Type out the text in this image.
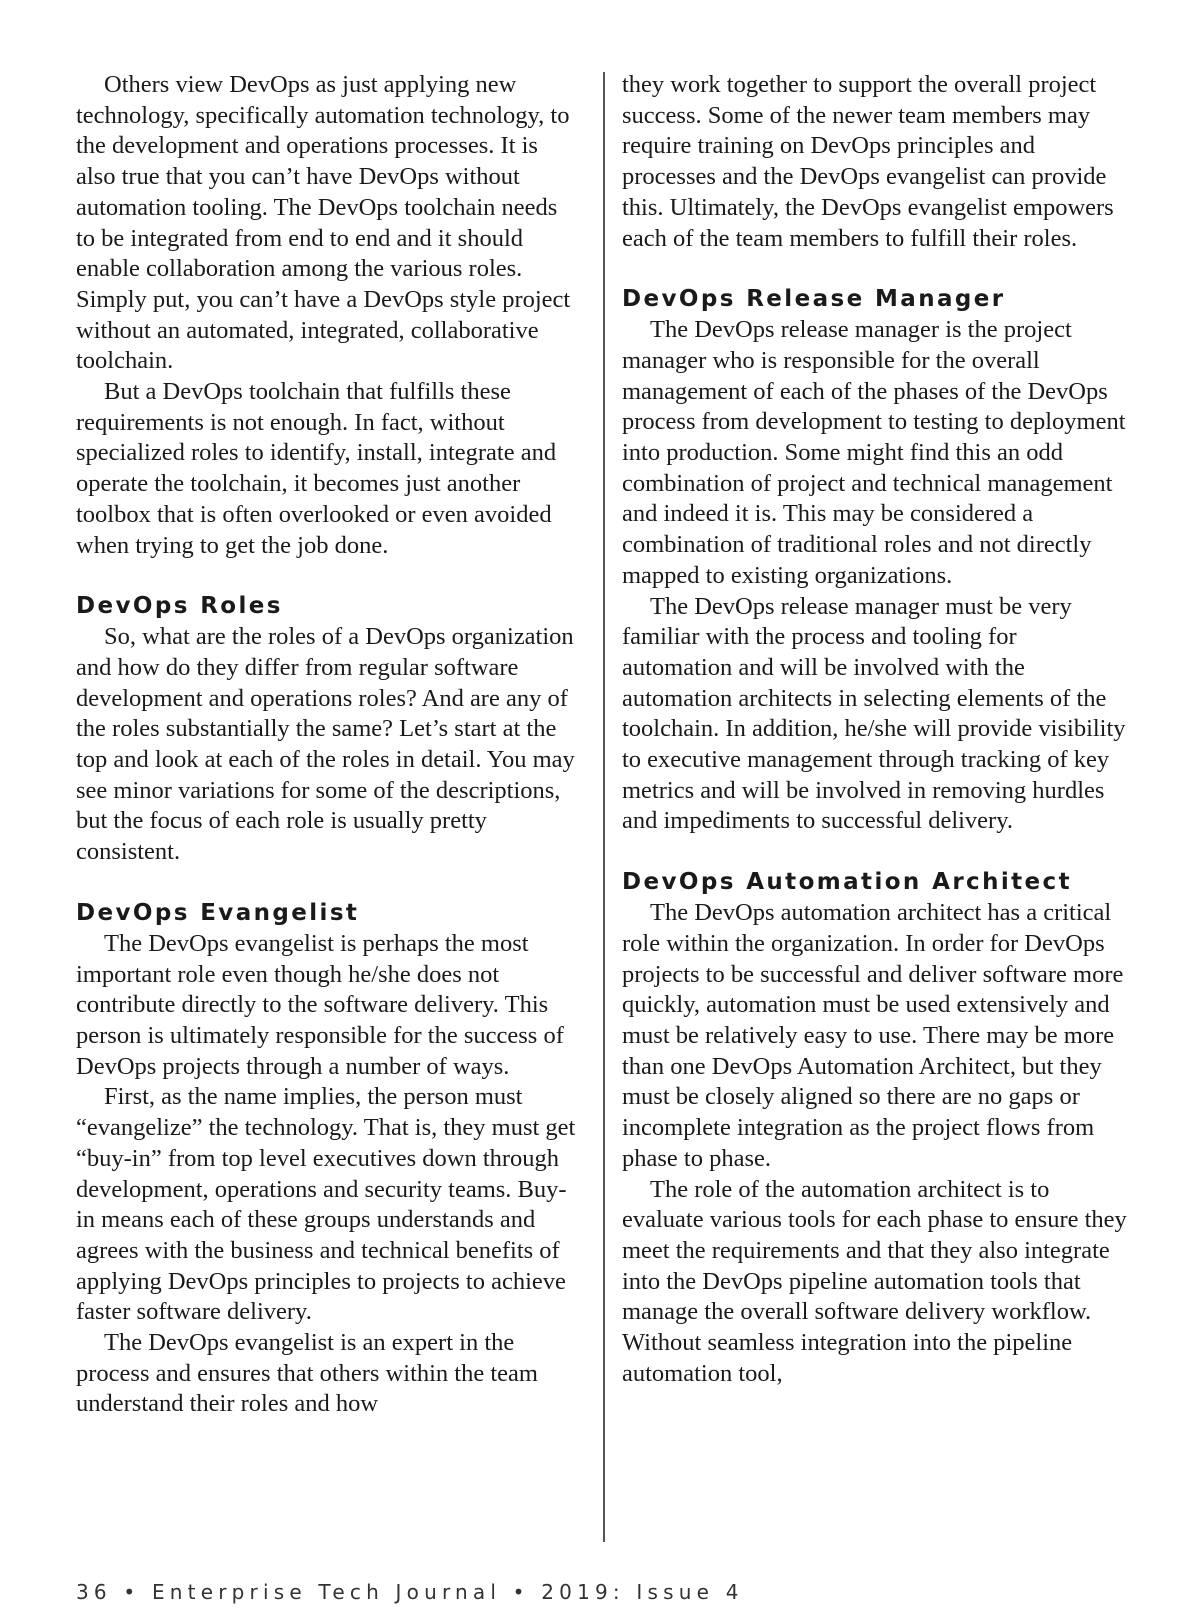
Others view DevOps as just applying new technology, specifically automation technology, to the development and operations processes. It is also true that you can’t have DevOps without automation tooling. The DevOps toolchain needs to be integrated from end to end and it should enable collaboration among the various roles. Simply put, you can’t have a DevOps style project without an automated, integrated, collaborative toolchain.

But a DevOps toolchain that fulfills these requirements is not enough. In fact, without specialized roles to identify, install, integrate and operate the toolchain, it becomes just another toolbox that is often overlooked or even avoided when trying to get the job done.

DevOps Roles

So, what are the roles of a DevOps organization and how do they differ from regular software development and operations roles? And are any of the roles substantially the same? Let’s start at the top and look at each of the roles in detail. You may see minor variations for some of the descriptions, but the focus of each role is usually pretty consistent.

DevOps Evangelist

The DevOps evangelist is perhaps the most important role even though he/she does not contribute directly to the software delivery. This person is ultimately responsible for the success of DevOps projects through a number of ways.

First, as the name implies, the person must “evangelize” the technology. That is, they must get “buy-in” from top level executives down through development, operations and security teams. Buy-in means each of these groups understands and agrees with the business and technical benefits of applying DevOps principles to projects to achieve faster software delivery.

The DevOps evangelist is an expert in the process and ensures that others within the team understand their roles and how

they work together to support the overall project success. Some of the newer team members may require training on DevOps principles and processes and the DevOps evangelist can provide this. Ultimately, the DevOps evangelist empowers each of the team members to fulfill their roles.

DevOps Release Manager

The DevOps release manager is the project manager who is responsible for the overall management of each of the phases of the DevOps process from development to testing to deployment into production. Some might find this an odd combination of project and technical management and indeed it is. This may be considered a combination of traditional roles and not directly mapped to existing organizations.

The DevOps release manager must be very familiar with the process and tooling for automation and will be involved with the automation architects in selecting elements of the toolchain. In addition, he/she will provide visibility to executive management through tracking of key metrics and will be involved in removing hurdles and impediments to successful delivery.

DevOps Automation Architect

The DevOps automation architect has a critical role within the organization. In order for DevOps projects to be successful and deliver software more quickly, automation must be used extensively and must be relatively easy to use. There may be more than one DevOps Automation Architect, but they must be closely aligned so there are no gaps or incomplete integration as the project flows from phase to phase.

The role of the automation architect is to evaluate various tools for each phase to ensure they meet the requirements and that they also integrate into the DevOps pipeline automation tools that manage the overall software delivery workflow. Without seamless integration into the pipeline automation tool,

36 • Enterprise Tech Journal • 2019: Issue 4
